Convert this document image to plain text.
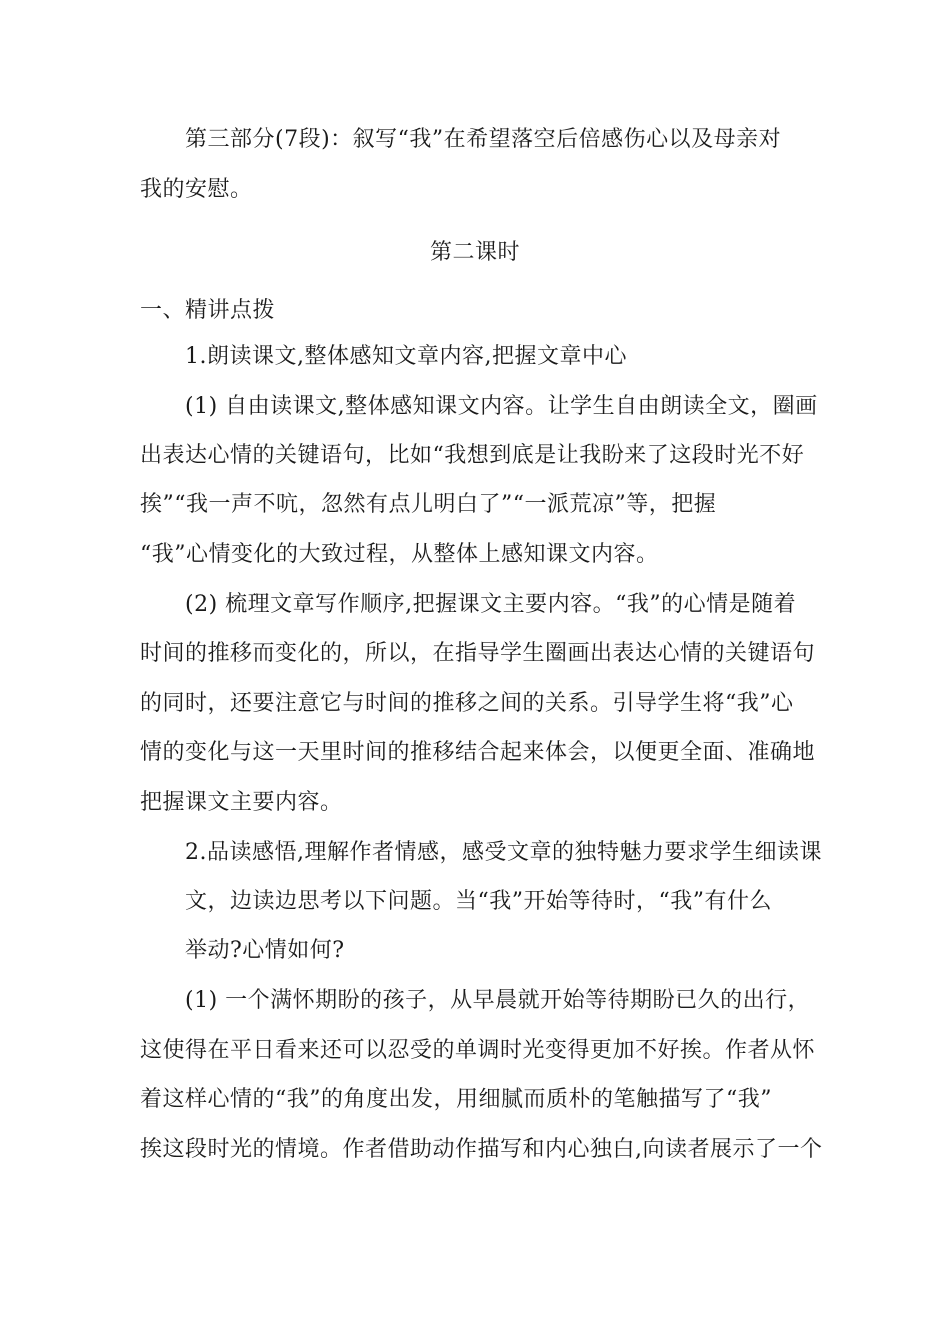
第三部分(7段)：叙写“我”在希望落空后倍感伤心以及母亲对
我的安慰。
第二课时
一、精讲点拨
1.朗读课文,整体感知文章内容,把握文章中心
(1) 自由读课文,整体感知课文内容。让学生自由朗读全文，圈画
出表达心情的关键语句，比如“我想到底是让我盼来了这段时光不好
挨”“我一声不吭，忽然有点儿明白了”“一派荒凉”等，把握
“我”心情变化的大致过程，从整体上感知课文内容。
(2) 梳理文章写作顺序,把握课文主要内容。“我”的心情是随着
时间的推移而变化的，所以，在指导学生圈画出表达心情的关键语句
的同时，还要注意它与时间的推移之间的关系。引导学生将“我”心
情的变化与这一天里时间的推移结合起来体会，以便更全面、准确地
把握课文主要内容。
2.品读感悟,理解作者情感，感受文章的独特魅力要求学生细读课
文，边读边思考以下问题。当“我”开始等待时，“我”有什么
举动?心情如何?
(1) 一个满怀期盼的孩子，从早晨就开始等待期盼已久的出行，
这使得在平日看来还可以忍受的单调时光变得更加不好挨。作者从怀
着这样心情的“我”的角度出发，用细腻而质朴的笔触描写了“我”
挨这段时光的情境。作者借助动作描写和内心独白,向读者展示了一个
